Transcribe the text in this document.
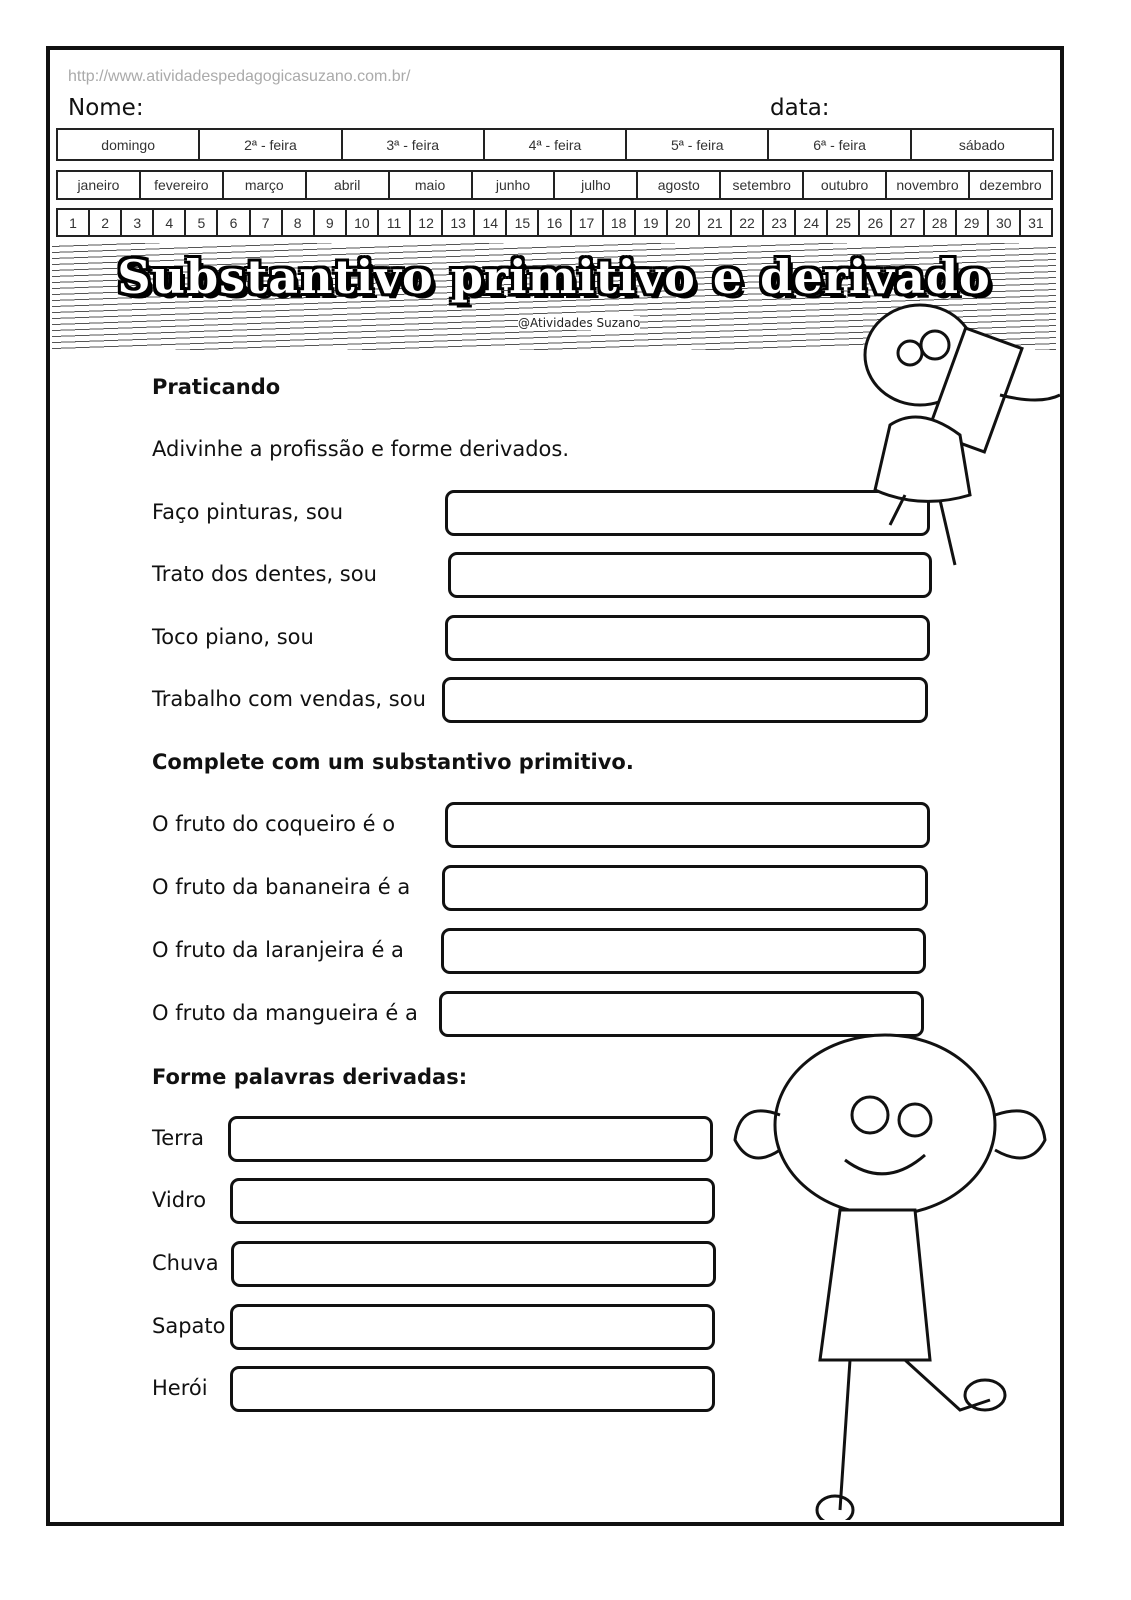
http://www.atividadespedagogicasuzano.com.br/
Nome:	data:
domingo	2ª - feira	3ª - feira	4ª - feira	5ª - feira	6ª - feira	sábado
janeiro	fevereiro	março	abril	maio	junho	julho	agosto	setembro	outubro	novembro	dezembro
1	2	3	4	5	6	7	8	9	10	11	12	13	14	15	16	17	18	19	20	21	22	23	24	25	26	27	28	29	30	31
Substantivo primitivo e derivado
@Atividades Suzano
Praticando
Adivinhe a profissão e forme derivados.
Complete com um substantivo primitivo.
Forme palavras derivadas:
Faço pinturas, sou
Trato dos dentes, sou
Toco piano, sou
Trabalho com vendas, sou
O fruto do coqueiro é o
O fruto da bananeira é a
O fruto da laranjeira é a
O fruto da mangueira é a
Terra
Vidro
Chuva
Sapato
Herói
